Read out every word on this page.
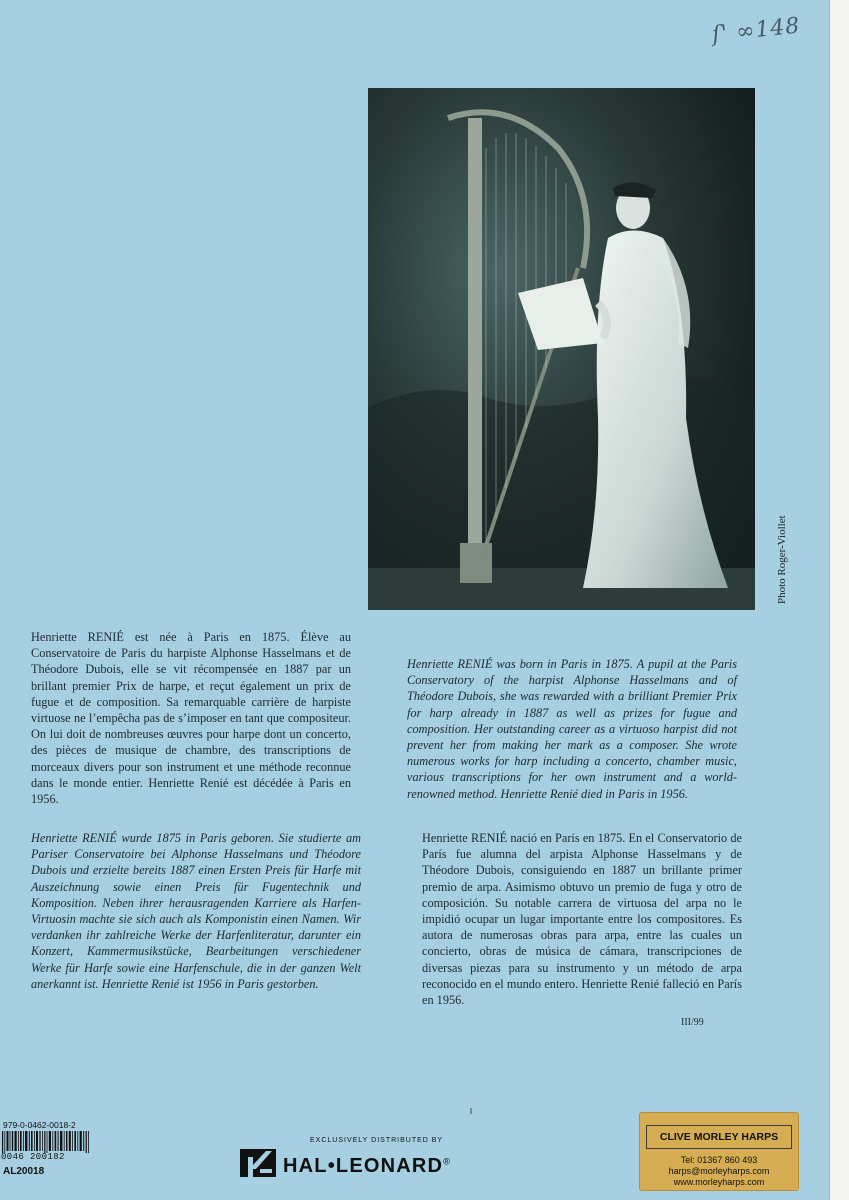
ſ' ∞148
Photo Roger-Viollet

Henriette RENIÉ est née à Paris en 1875. Élève au Conservatoire de Paris du harpiste Alphonse Hasselmans et de Théodore Dubois, elle se vit récompensée en 1887 par un brillant premier Prix de harpe, et reçut également un prix de fugue et de composition. Sa remarquable carrière de harpiste virtuose ne l’empêcha pas de s’imposer en tant que compositeur. On lui doit de nombreuses œuvres pour harpe dont un concerto, des pièces de musique de chambre, des transcriptions de morceaux divers pour son instrument et une méthode reconnue dans le monde entier. Henriette Renié est décédée à Paris en 1956.

Henriette RENIÉ was born in Paris in 1875. A pupil at the Paris Conservatory of the harpist Alphonse Hasselmans and of Théodore Dubois, she was rewarded with a brilliant Premier Prix for harp already in 1887 as well as prizes for fugue and composition. Her outstanding career as a virtuoso harpist did not prevent her from making her mark as a composer. She wrote numerous works for harp including a concerto, chamber music, various transcriptions for her own instrument and a world-renowned method. Henriette Renié died in Paris in 1956.

Henriette RENIÉ wurde 1875 in Paris geboren. Sie studierte am Pariser Conservatoire bei Alphonse Hasselmans und Théodore Dubois und erzielte bereits 1887 einen Ersten Preis für Harfe mit Auszeichnung sowie einen Preis für Fugentechnik und Komposition. Neben ihrer herausragenden Karriere als Harfen-Virtuosin machte sie sich auch als Komponistin einen Namen. Wir verdanken ihr zahlreiche Werke der Harfenliteratur, darunter ein Konzert, Kammermusikstücke, Bearbeitungen verschiedener Werke für Harfe sowie eine Harfenschule, die in der ganzen Welt anerkannt ist. Henriette Renié ist 1956 in Paris gestorben.

Henriette RENIÉ nació en París en 1875. En el Conservatorio de París fue alumna del arpista Alphonse Hasselmans y de Théodore Dubois, consiguiendo en 1887 un brillante primer premio de arpa. Asimismo obtuvo un premio de fuga y otro de composición. Su notable carrera de virtuosa del arpa no le impidió ocupar un lugar importante entre los compositores. Es autora de numerosas obras para arpa, entre las cuales un concierto, obras de música de cámara, transcripciones de diversas piezas para su instrumento y un método de arpa reconocido en el mundo entero. Henriette Renié falleció en París en 1956.

III/99
979-0-0462-0018-2
0046 200182
AL20018
EXCLUSIVELY DISTRIBUTED BY
HAL•LEONARD®
CLIVE MORLEY HARPS
Tel: 01367 860 493
harps@morleyharps.com
www.morleyharps.com
